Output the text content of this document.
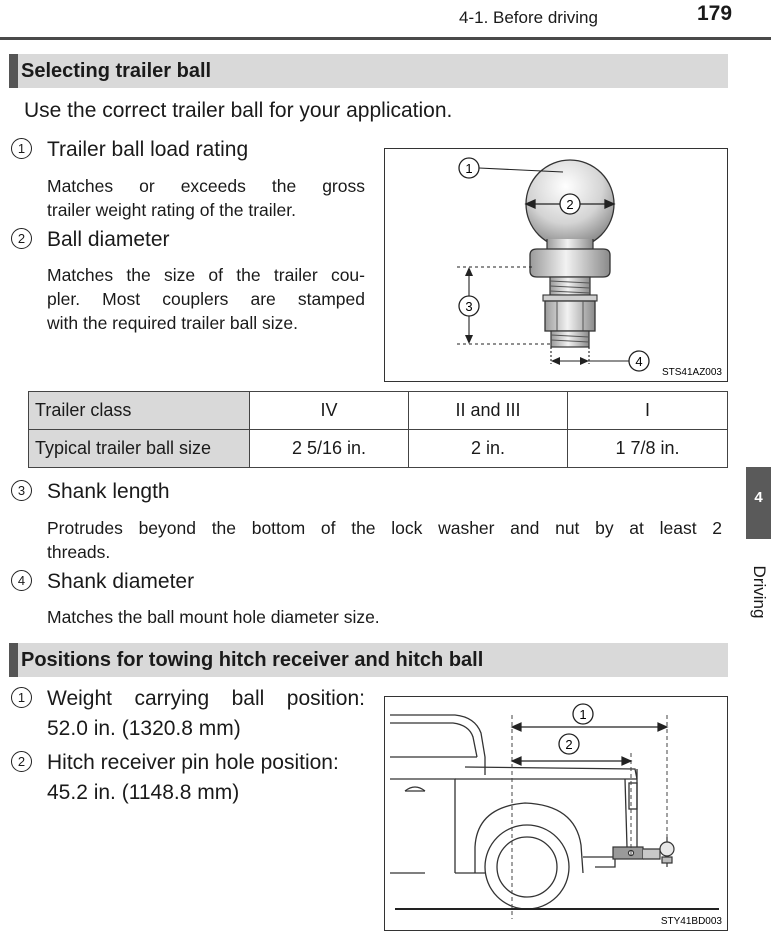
4-1. Before driving	179
Selecting trailer ball
Use the correct trailer ball for your application.
1	Trailer ball load rating
Matches or exceeds the gross
trailer weight rating of the trailer.
2	Ball diameter
Matches the size of the trailer cou-
pler. Most couplers are stamped
with the required trailer ball size.
2
1
3
4
STS41AZ003
Trailer class	IV	II and III	I
Typical trailer ball size	2 5/16 in.	2 in.	1 7/8 in.
3	Shank length
Protrudes beyond the bottom of the lock washer and nut by at least 2
threads.
4	Shank diameter
Matches the ball mount hole diameter size.
4
Driving
Positions for towing hitch receiver and hitch ball
1	Weight carrying ball position:
52.0 in. (1320.8 mm)
2	Hitch receiver pin hole position:
45.2 in. (1148.8 mm)
1
2
STY41BD003
